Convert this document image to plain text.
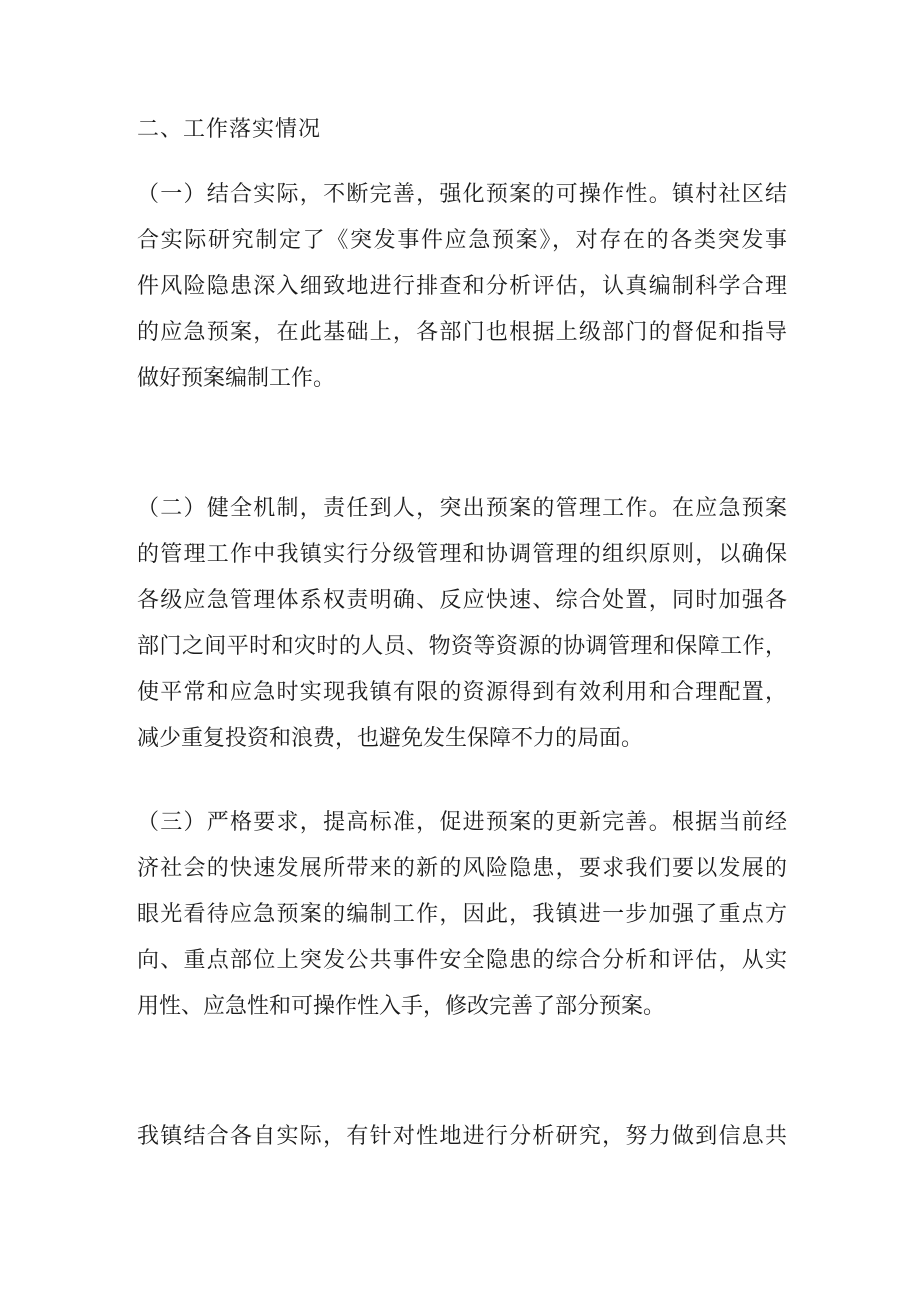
二、工作落实情况
（一）结合实际，不断完善，强化预案的可操作性。镇村社区结
合实际研究制定了《突发事件应急预案》，对存在的各类突发事
件风险隐患深入细致地进行排查和分析评估，认真编制科学合理
的应急预案，在此基础上，各部门也根据上级部门的督促和指导
做好预案编制工作。
（二）健全机制，责任到人，突出预案的管理工作。在应急预案
的管理工作中我镇实行分级管理和协调管理的组织原则，以确保
各级应急管理体系权责明确、反应快速、综合处置，同时加强各
部门之间平时和灾时的人员、物资等资源的协调管理和保障工作，
使平常和应急时实现我镇有限的资源得到有效利用和合理配置，
减少重复投资和浪费，也避免发生保障不力的局面。
（三）严格要求，提高标准，促进预案的更新完善。根据当前经
济社会的快速发展所带来的新的风险隐患，要求我们要以发展的
眼光看待应急预案的编制工作，因此，我镇进一步加强了重点方
向、重点部位上突发公共事件安全隐患的综合分析和评估，从实
用性、应急性和可操作性入手，修改完善了部分预案。
我镇结合各自实际，有针对性地进行分析研究，努力做到信息共
